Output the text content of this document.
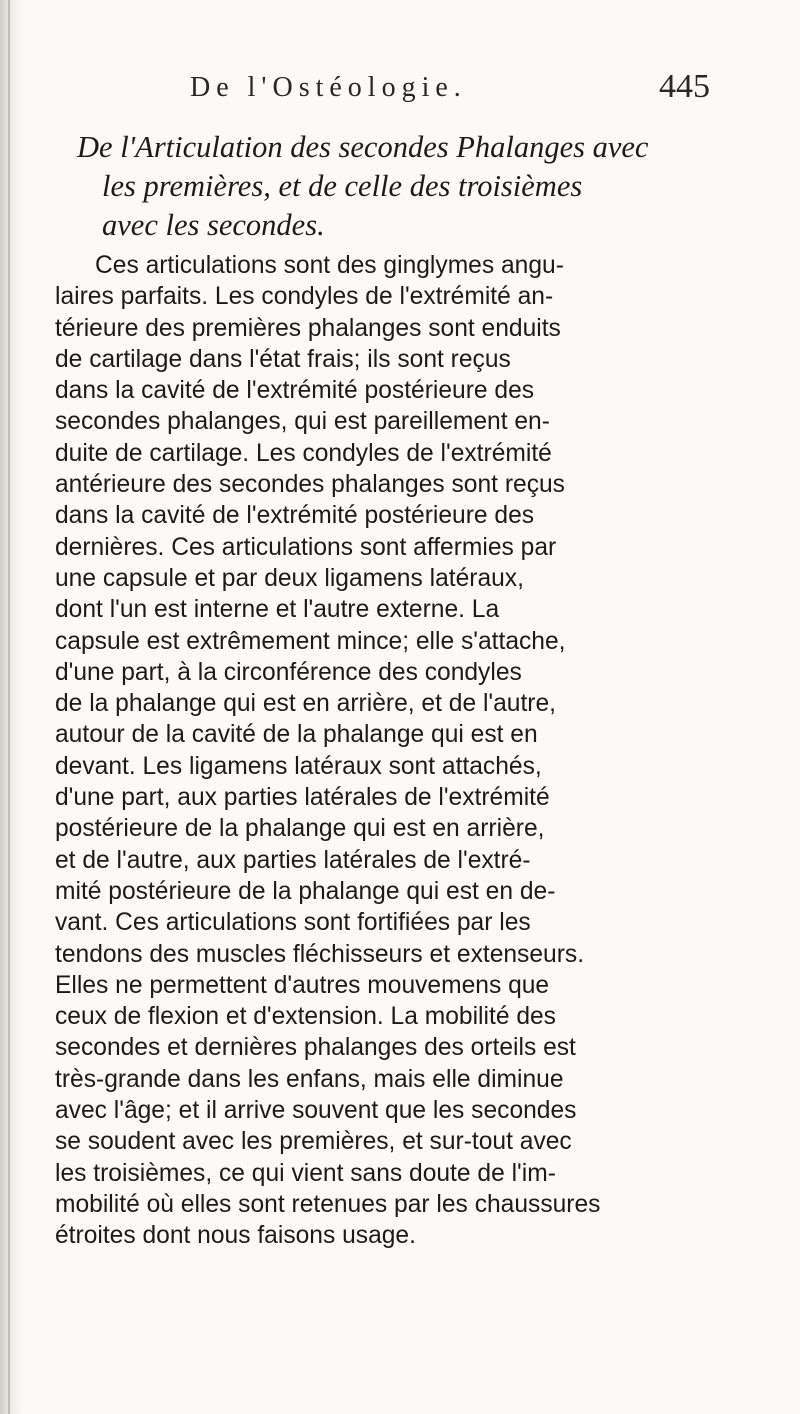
De l'Ostéologie.	445
De l'Articulation des secondes Phalanges avec
les premières, et de celle des troisièmes
avec les secondes.
Ces articulations sont des ginglymes angu-
laires parfaits. Les condyles de l'extrémité an-
térieure des premières phalanges sont enduits
de cartilage dans l'état frais; ils sont reçus
dans la cavité de l'extrémité postérieure des
secondes phalanges, qui est pareillement en-
duite de cartilage. Les condyles de l'extrémité
antérieure des secondes phalanges sont reçus
dans la cavité de l'extrémité postérieure des
dernières. Ces articulations sont affermies par
une capsule et par deux ligamens latéraux,
dont l'un est interne et l'autre externe. La
capsule est extrêmement mince; elle s'attache,
d'une part, à la circonférence des condyles
de la phalange qui est en arrière, et de l'autre,
autour de la cavité de la phalange qui est en
devant. Les ligamens latéraux sont attachés,
d'une part, aux parties latérales de l'extrémité
postérieure de la phalange qui est en arrière,
et de l'autre, aux parties latérales de l'extré-
mité postérieure de la phalange qui est en de-
vant. Ces articulations sont fortifiées par les
tendons des muscles fléchisseurs et extenseurs.
Elles ne permettent d'autres mouvemens que
ceux de flexion et d'extension. La mobilité des
secondes et dernières phalanges des orteils est
très-grande dans les enfans, mais elle diminue
avec l'âge; et il arrive souvent que les secondes
se soudent avec les premières, et sur-tout avec
les troisièmes, ce qui vient sans doute de l'im-
mobilité où elles sont retenues par les chaussures
étroites dont nous faisons usage.
